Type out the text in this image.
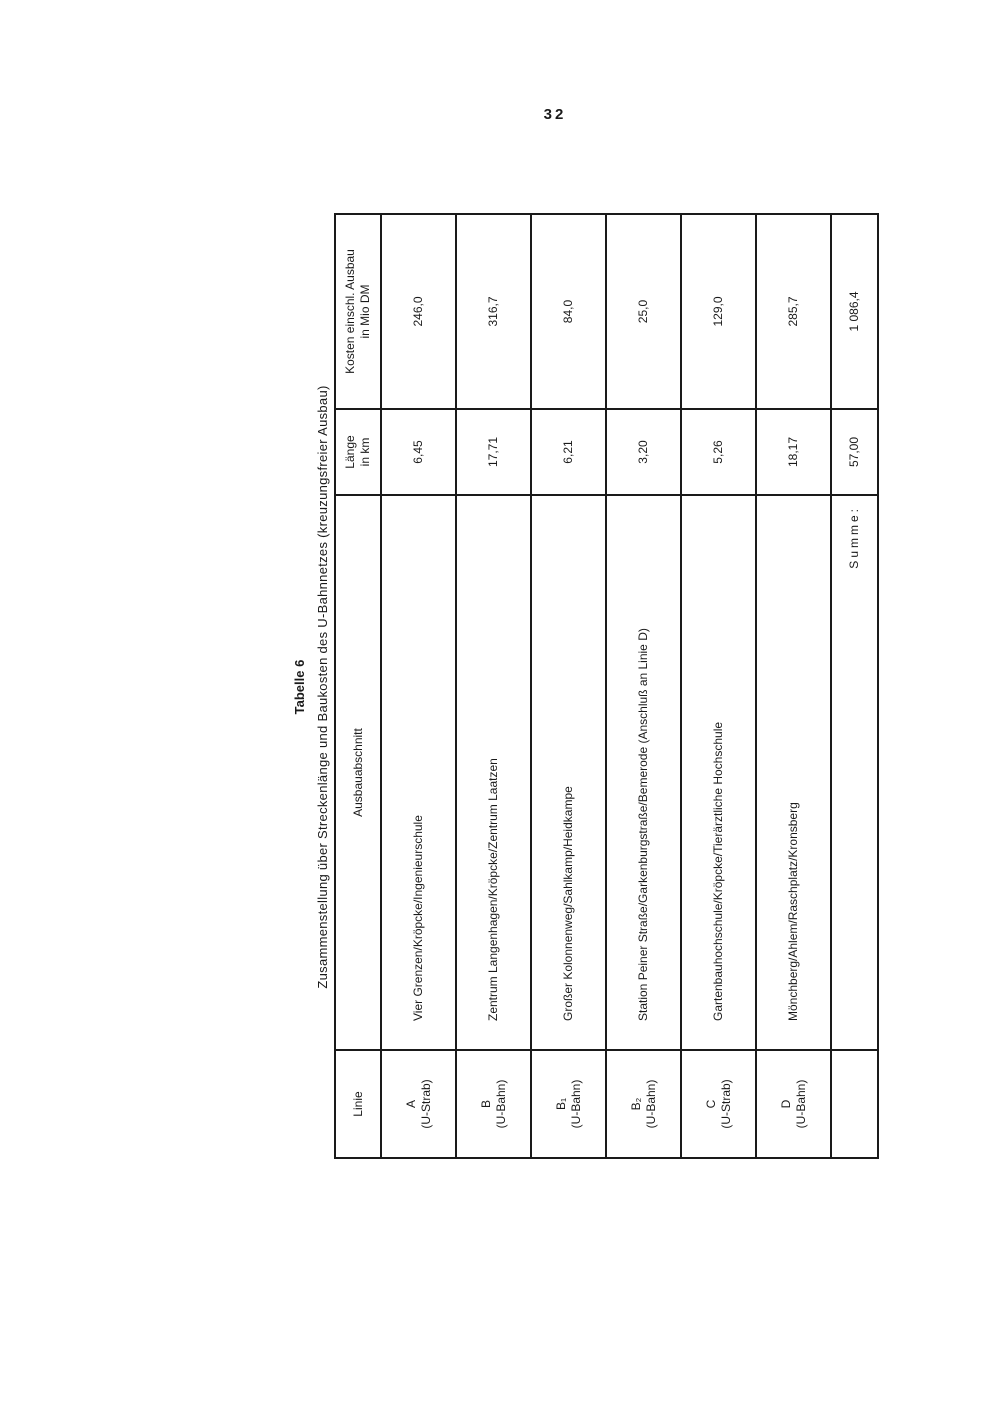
32
Tabelle 6 Zusammenstellung über Streckenlänge und Baukosten des U-Bahnnetzes (kreuzungsfreier Ausbau)
Linie	Ausbauabschnitt	Länge in km	Kosten einschl. Ausbau in Mio DM

A (U-Strab)	Vier Grenzen/Kröpcke/Ingenieurschule	6,45	246,0

B (U-Bahn)	Zentrum Langenhagen/Kröpcke/Zentrum Laatzen	17,71	316,7

B₁ (U-Bahn)	Großer Kolonnenweg/Sahlkamp/Heidkampe	6,21	84,0

B₂ (U-Bahn)	Station Peiner Straße/Garkenburgstraße/Bemerode (Anschluß an Linie D)	3,20	25,0

C (U-Strab)	Gartenbauhochschule/Kröpcke/Tierärztliche Hochschule	5,26	129,0

D (U-Bahn)	Mönchberg/Ahlem/Raschplatz/Kronsberg	18,17	285,7
	Summe:	57,00	1 086,4
